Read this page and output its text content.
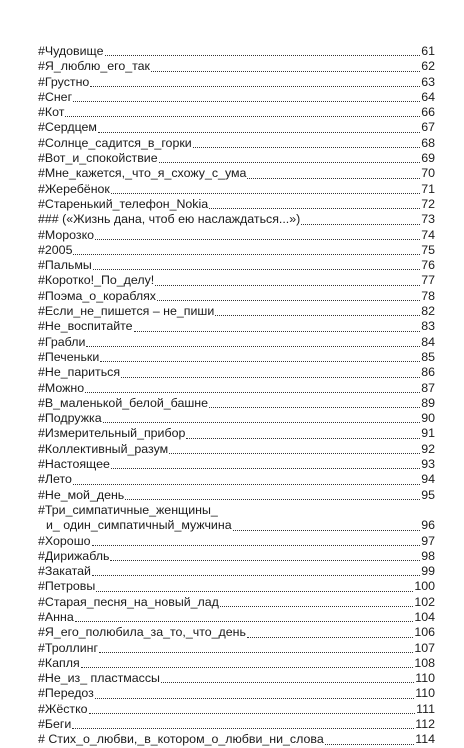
#Чудовище	61
#Я_люблю_его_так	62
#Грустно	63
#Снег	64
#Кот	66
#Сердцем	67
#Солнце_садится_в_горки	68
#Вот_и_спокойствие	69
#Мне_кажется,_что_я_схожу_с_ума	70
#Жеребёнок	71
#Старенький_телефон_Nokia	72
### («Жизнь дана, чтоб ею наслаждаться...»)	73
#Морозко	74
#2005	75
#Пальмы	76
#Коротко!_По_делу!	77
#Поэма_о_кораблях	78
#Если_не_пишется – не_пиши	82
#Не_воспитайте	83
#Грабли	84
#Печеньки	85
#Не_париться	86
#Можно	87
#В_маленькой_белой_башне	89
#Подружка	90
#Измерительный_прибор	91
#Коллективный_разум	92
#Настоящее	93
#Лето	94
#Не_мой_день	95
#Три_симпатичные_женщины_
и_ один_симпатичный_мужчина	96
#Хорошо	97
#Дирижабль	98
#Закатай	99
#Петровы	100
#Старая_песня_на_новый_лад	102
#Анна	104
#Я_его_полюбила_за_то,_что_день	106
#Троллинг	107
#Капля	108
#Не_из_ пластмассы	110
#Передоз	110
#Жёстко	111
#Беги	112
# Стих_о_любви,_в_котором_о_любви_ни_слова	114
